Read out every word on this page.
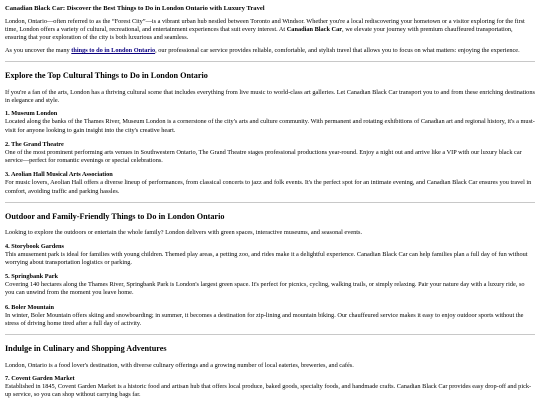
Canadian Black Car: Discover the Best Things to Do in London Ontario with Luxury Travel

London, Ontario—often referred to as the “Forest City”—is a vibrant urban hub nestled between Toronto and Windsor. Whether you're a local rediscovering your hometown or a visitor exploring for the first time, London offers a variety of cultural, recreational, and entertainment experiences that suit every interest. At Canadian Black Car, we elevate your journey with premium chauffeured transportation, ensuring that your exploration of the city is both luxurious and seamless.

As you uncover the many things to do in London Ontario, our professional car service provides reliable, comfortable, and stylish travel that allows you to focus on what matters: enjoying the experience.

Explore the Top Cultural Things to Do in London Ontario

If you're a fan of the arts, London has a thriving cultural scene that includes everything from live music to world-class art galleries. Let Canadian Black Car transport you to and from these enriching destinations in elegance and style.

1. Museum London
Located along the banks of the Thames River, Museum London is a cornerstone of the city's arts and culture community. With permanent and rotating exhibitions of Canadian art and regional history, it's a must-visit for anyone looking to gain insight into the city's creative heart.
2. The Grand Theatre
One of the most prominent performing arts venues in Southwestern Ontario, The Grand Theatre stages professional productions year-round. Enjoy a night out and arrive like a VIP with our luxury black car service—perfect for romantic evenings or special celebrations.
3. Aeolian Hall Musical Arts Association
For music lovers, Aeolian Hall offers a diverse lineup of performances, from classical concerts to jazz and folk events. It's the perfect spot for an intimate evening, and Canadian Black Car ensures you travel in comfort, avoiding traffic and parking hassles.
Outdoor and Family-Friendly Things to Do in London Ontario

Looking to explore the outdoors or entertain the whole family? London delivers with green spaces, interactive museums, and seasonal events.

4. Storybook Gardens
This amusement park is ideal for families with young children. Themed play areas, a petting zoo, and rides make it a delightful experience. Canadian Black Car can help families plan a full day of fun without worrying about transportation logistics or parking.
5. Springbank Park
Covering 140 hectares along the Thames River, Springbank Park is London's largest green space. It's perfect for picnics, cycling, walking trails, or simply relaxing. Pair your nature day with a luxury ride, so you can unwind from the moment you leave home.
6. Boler Mountain
In winter, Boler Mountain offers skiing and snowboarding; in summer, it becomes a destination for zip-lining and mountain biking. Our chauffeured service makes it easy to enjoy outdoor sports without the stress of driving home tired after a full day of activity.
Indulge in Culinary and Shopping Adventures

London, Ontario is a food lover's destination, with diverse culinary offerings and a growing number of local eateries, breweries, and cafés.

7. Covent Garden Market
Established in 1845, Covent Garden Market is a historic food and artisan hub that offers local produce, baked goods, specialty foods, and handmade crafts. Canadian Black Car provides easy drop-off and pick-up service, so you can shop without carrying bags far.
